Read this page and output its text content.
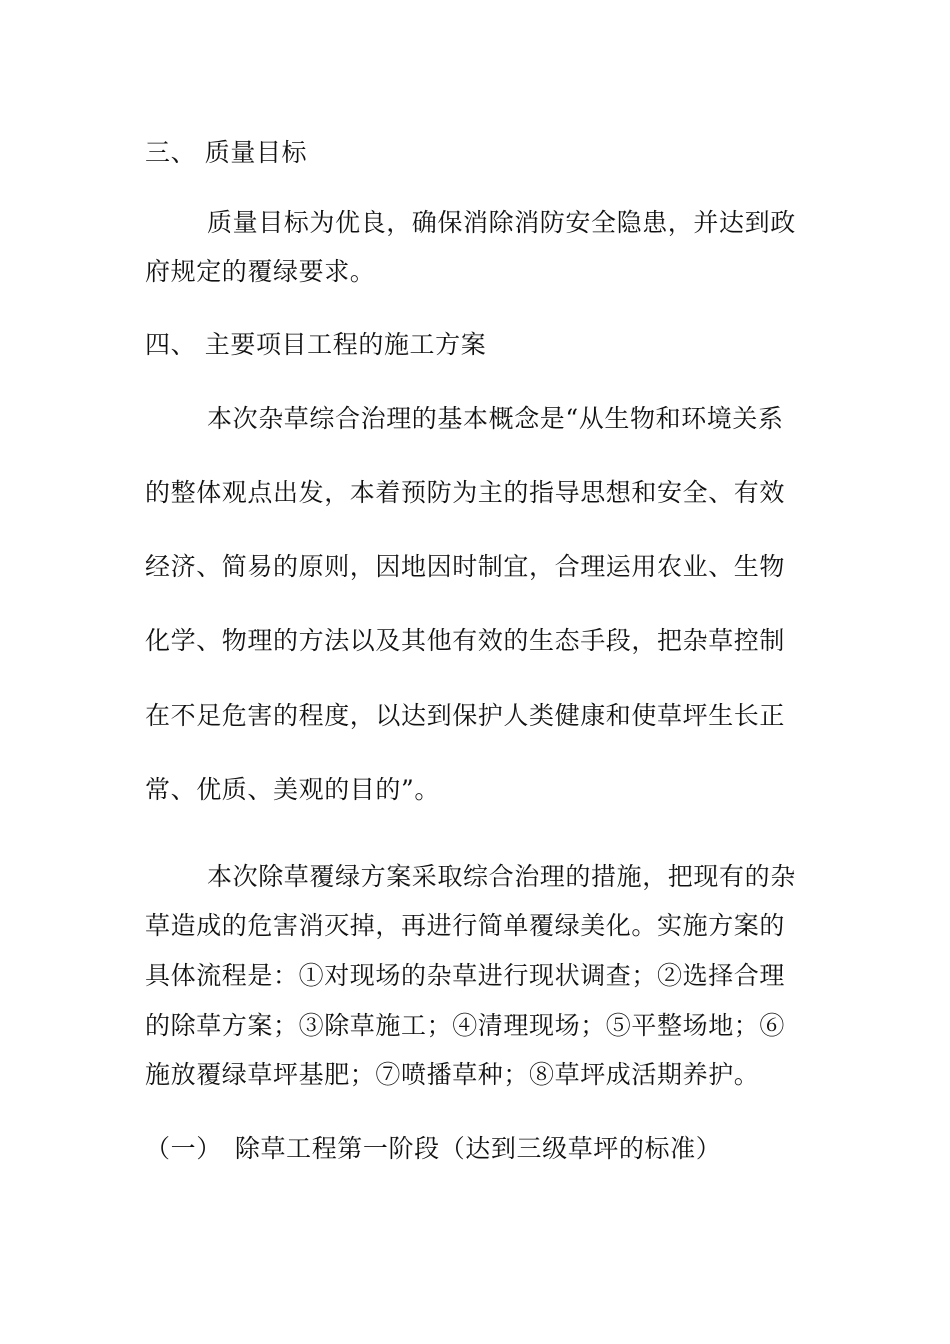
三、 质量目标
质量目标为优良，确保消除消防安全隐患，并达到政
府规定的覆绿要求。
四、 主要项目工程的施工方案
本次杂草综合治理的基本概念是“从生物和环境关系
的整体观点出发，本着预防为主的指导思想和安全、有效
经济、简易的原则，因地因时制宜，合理运用农业、生物
化学、物理的方法以及其他有效的生态手段，把杂草控制
在不足危害的程度，以达到保护人类健康和使草坪生长正
常、优质、美观的目的”。
本次除草覆绿方案采取综合治理的措施，把现有的杂
草造成的危害消灭掉，再进行简单覆绿美化。实施方案的
具体流程是：①对现场的杂草进行现状调查；②选择合理
的除草方案；③除草施工；④清理现场；⑤平整场地；⑥
施放覆绿草坪基肥；⑦喷播草种；⑧草坪成活期养护。
（一）　除草工程第一阶段（达到三级草坪的标准）
